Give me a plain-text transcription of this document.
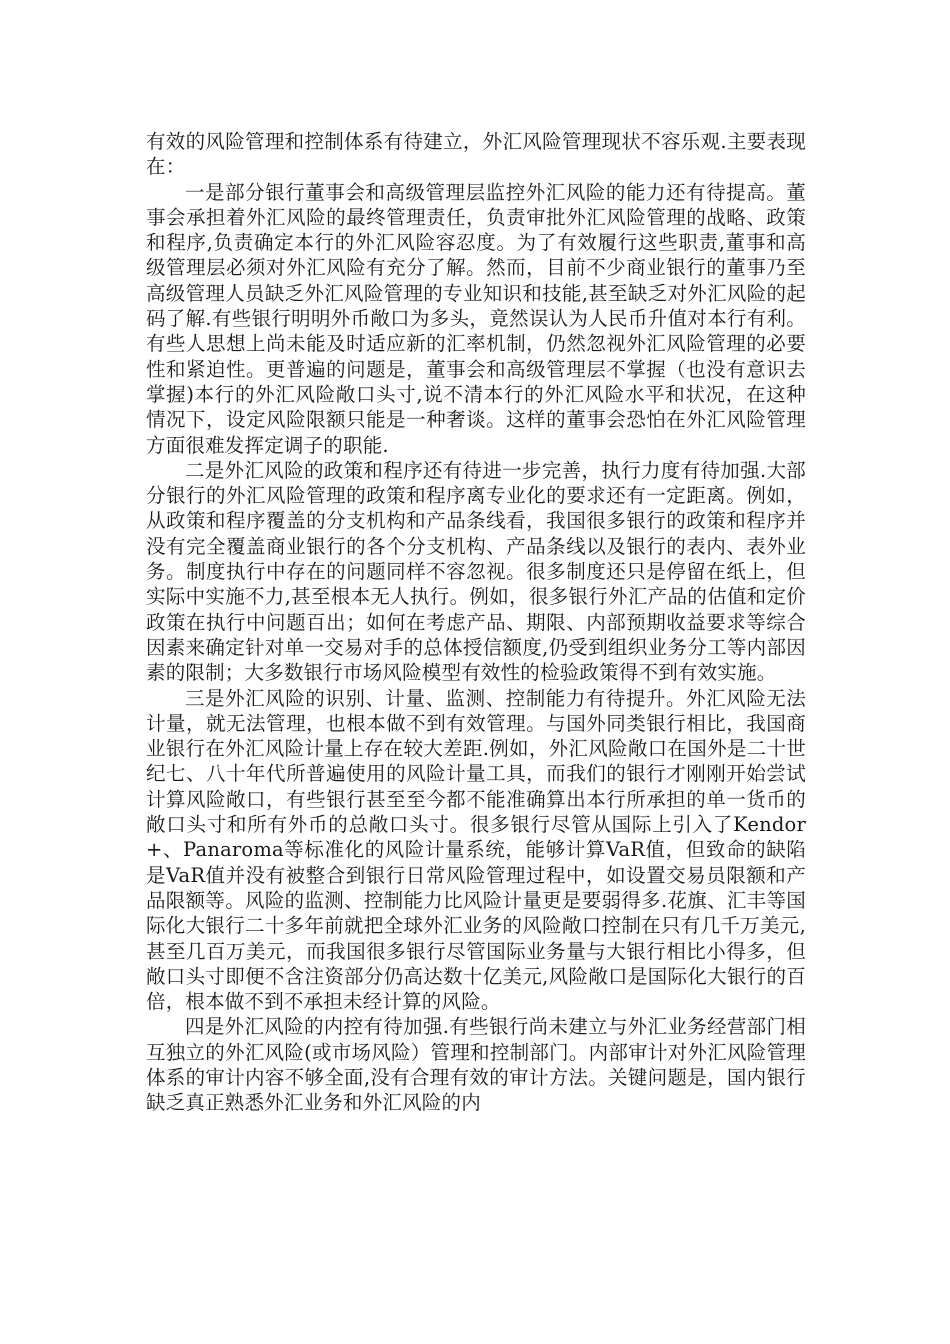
有效的风险管理和控制体系有待建立，外汇风险管理现状不容乐观.主要表现在：

一是部分银行董事会和高级管理层监控外汇风险的能力还有待提高。董事会承担着外汇风险的最终管理责任，负责审批外汇风险管理的战略、政策和程序,负责确定本行的外汇风险容忍度。为了有效履行这些职责,董事和高级管理层必须对外汇风险有充分了解。然而，目前不少商业银行的董事乃至高级管理人员缺乏外汇风险管理的专业知识和技能,甚至缺乏对外汇风险的起码了解.有些银行明明外币敞口为多头，竟然误认为人民币升值对本行有利。有些人思想上尚未能及时适应新的汇率机制，仍然忽视外汇风险管理的必要性和紧迫性。更普遍的问题是，董事会和高级管理层不掌握（也没有意识去掌握)本行的外汇风险敞口头寸,说不清本行的外汇风险水平和状况，在这种情况下，设定风险限额只能是一种奢谈。这样的董事会恐怕在外汇风险管理方面很难发挥定调子的职能.

二是外汇风险的政策和程序还有待进一步完善，执行力度有待加强.大部分银行的外汇风险管理的政策和程序离专业化的要求还有一定距离。例如，从政策和程序覆盖的分支机构和产品条线看，我国很多银行的政策和程序并没有完全覆盖商业银行的各个分支机构、产品条线以及银行的表内、表外业务。制度执行中存在的问题同样不容忽视。很多制度还只是停留在纸上，但实际中实施不力,甚至根本无人执行。例如，很多银行外汇产品的估值和定价政策在执行中问题百出；如何在考虑产品、期限、内部预期收益要求等综合因素来确定针对单一交易对手的总体授信额度,仍受到组织业务分工等内部因素的限制；大多数银行市场风险模型有效性的检验政策得不到有效实施。

三是外汇风险的识别、计量、监测、控制能力有待提升。外汇风险无法计量，就无法管理，也根本做不到有效管理。与国外同类银行相比，我国商业银行在外汇风险计量上存在较大差距.例如，外汇风险敞口在国外是二十世纪七、八十年代所普遍使用的风险计量工具，而我们的银行才刚刚开始尝试计算风险敞口，有些银行甚至至今都不能准确算出本行所承担的单一货币的敞口头寸和所有外币的总敞口头寸。很多银行尽管从国际上引入了Kendor+、Panaroma等标准化的风险计量系统，能够计算VaR值，但致命的缺陷是VaR值并没有被整合到银行日常风险管理过程中，如设置交易员限额和产品限额等。风险的监测、控制能力比风险计量更是要弱得多.花旗、汇丰等国际化大银行二十多年前就把全球外汇业务的风险敞口控制在只有几千万美元,甚至几百万美元，而我国很多银行尽管国际业务量与大银行相比小得多，但敞口头寸即便不含注资部分仍高达数十亿美元,风险敞口是国际化大银行的百倍，根本做不到不承担未经计算的风险。

四是外汇风险的内控有待加强.有些银行尚未建立与外汇业务经营部门相互独立的外汇风险(或市场风险）管理和控制部门。内部审计对外汇风险管理体系的审计内容不够全面,没有合理有效的审计方法。关键问题是，国内银行缺乏真正熟悉外汇业务和外汇风险的内
